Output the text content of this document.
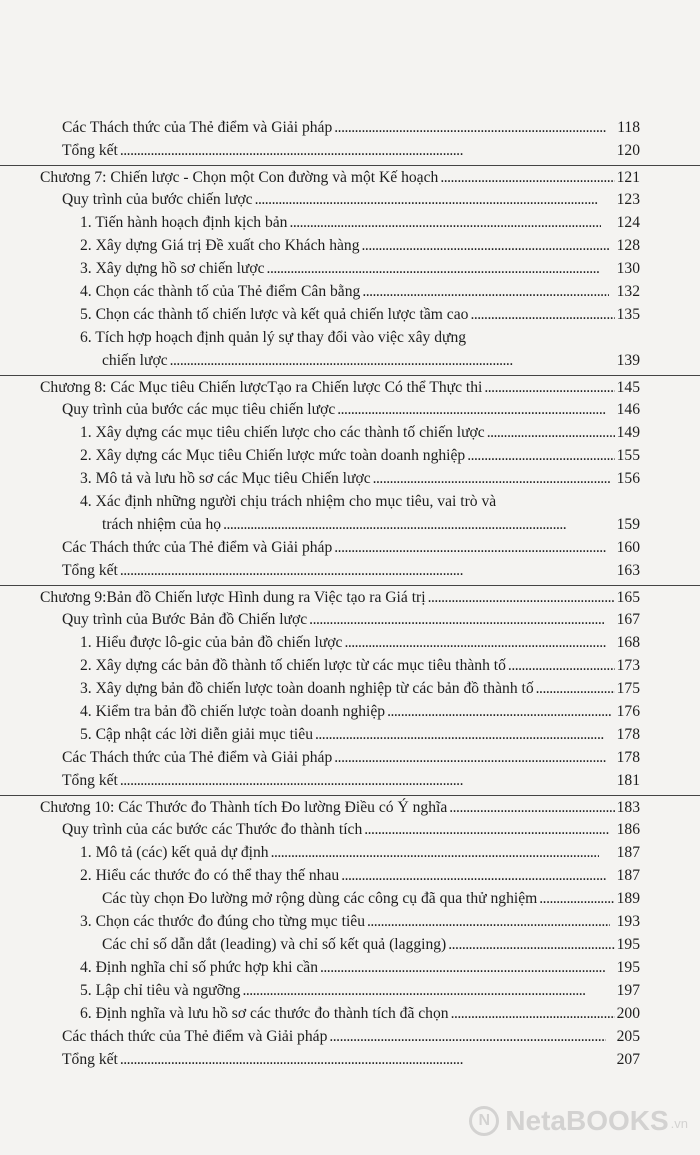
Các Thách thức của Thẻ điểm và Giải pháp . . .	118
Tổng kết . . .	120
Chương 7: Chiến lược - Chọn một Con đường và một Kế hoạch . . .	121
Quy trình của bước chiến lược . . .	123
1. Tiến hành hoạch định kịch bản . . .	124
2. Xây dựng Giá trị Đề xuất cho Khách hàng . . .	128
3. Xây dựng hồ sơ chiến lược . . .	130
4. Chọn các thành tố của Thẻ điểm Cân bằng . . .	132
5. Chọn các thành tố chiến lược và kết quả chiến lược tầm cao . . .	135
6. Tích hợp hoạch định quản lý sự thay đổi vào việc xây dựng
chiến lược . . .	139
Chương 8: Các Mục tiêu Chiến lượcTạo ra Chiến lược Có thể Thực thi . . .	145
Quy trình của bước các mục tiêu chiến lược . . .	146
1. Xây dựng các mục tiêu chiến lược cho các thành tố chiến lược . . .	149
2. Xây dựng các Mục tiêu Chiến lược mức toàn doanh nghiệp . . .	155
3. Mô tả và lưu hồ sơ các Mục tiêu Chiến lược . . .	156
4. Xác định những người chịu trách nhiệm cho mục tiêu, vai trò và
trách nhiệm của họ . . .	159
Các Thách thức của Thẻ điểm và Giải pháp . . .	160
Tổng kết . . .	163
Chương 9:Bản đồ Chiến lược Hình dung ra Việc tạo ra Giá trị . . .	165
Quy trình của Bước Bản đồ Chiến lược . . .	167
1. Hiểu được lô-gic của bản đồ chiến lược . . .	168
2. Xây dựng các bản đồ thành tố chiến lược từ các mục tiêu thành tố . . .	173
3. Xây dựng bản đồ chiến lược toàn doanh nghiệp từ các bản đồ thành tố . . .	175
4. Kiểm tra bản đồ chiến lược toàn doanh nghiệp . . .	176
5. Cập nhật các lời diễn giải mục tiêu . . .	178
Các Thách thức của Thẻ điểm và Giải pháp . . .	178
Tổng kết . . .	181
Chương 10: Các Thước đo Thành tích Đo lường Điều có Ý nghĩa . . .	183
Quy trình của các bước các Thước đo thành tích . . .	186
1. Mô tả (các) kết quả dự định . . .	187
2. Hiểu các thước đo có thể thay thế nhau . . .	187
Các tùy chọn Đo lường mở rộng dùng các công cụ đã qua thử nghiệm . . .	189
3. Chọn các thước đo đúng cho từng mục tiêu . . .	193
Các chỉ số dẫn dắt (leading) và chỉ số kết quả (lagging) . . .	195
4. Định nghĩa chỉ số phức hợp khi cần . . .	195
5. Lập chỉ tiêu và ngưỡng . . .	197
6. Định nghĩa và lưu hồ sơ các thước đo thành tích đã chọn . . .	200
Các thách thức của Thẻ điểm và Giải pháp . . .	205
Tổng kết . . .	207
N NetaBOOKS .vn
